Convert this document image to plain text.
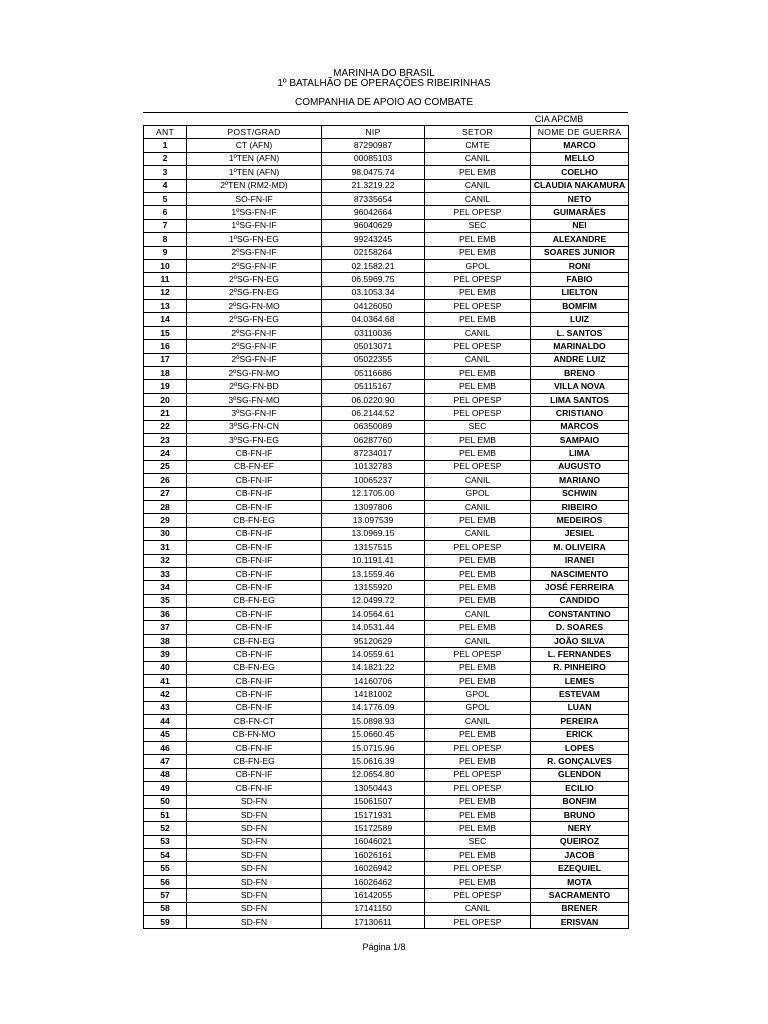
MARINHA DO BRASIL
1º BATALHÃO DE OPERAÇÕES RIBEIRINHAS
COMPANHIA DE APOIO AO COMBATE
CIA APCMB
ANT	POST/GRAD	NIP	SETOR	NOME DE GUERRA
1	CT (AFN)	87290987	CMTE	MARCO
2	1ºTEN (AFN)	00085103	CANIL	MELLO
3	1ºTEN (AFN)	98.0475.74	PEL EMB	COELHO
4	2ºTEN (RM2-MD)	21.3219.22	CANIL	CLAUDIA NAKAMURA
5	SO-FN-IF	87335654	CANIL	NETO
6	1ºSG-FN-IF	96042664	PEL OPESP	GUIMARÃES
7	1ºSG-FN-IF	96040629	SEC	NEI
8	1ºSG-FN-EG	99243245	PEL EMB	ALEXANDRE
9	2ºSG-FN-IF	02158264	PEL EMB	SOARES JUNIOR
10	2ºSG-FN-IF	02.1582.21	GPOL	RONI
11	2ºSG-FN-EG	06.5969.75	PEL OPESP	FABIO
12	2ºSG-FN-EG	03.1053.34	PEL EMB	LIELTON
13	2ºSG-FN-MO	04126050	PEL OPESP	BOMFIM
14	2ºSG-FN-EG	04.0364.68	PEL EMB	LUIZ
15	2ºSG-FN-IF	03110036	CANIL	L. SANTOS
16	2ºSG-FN-IF	05013071	PEL OPESP	MARINALDO
17	2ºSG-FN-IF	05022355	CANIL	ANDRE LUIZ
18	2ºSG-FN-MO	05116686	PEL EMB	BRENO
19	2ºSG-FN-BD	05115167	PEL EMB	VILLA NOVA
20	3ºSG-FN-MO	06.0220.90	PEL OPESP	LIMA SANTOS
21	3ºSG-FN-IF	06.2144.52	PEL OPESP	CRISTIANO
22	3ºSG-FN-CN	06350089	SEC	MARCOS
23	3ºSG-FN-EG	06287760	PEL EMB	SAMPAIO
24	CB-FN-IF	87234017	PEL EMB	LIMA
25	CB-FN-EF	10132783	PEL OPESP	AUGUSTO
26	CB-FN-IF	10065237	CANIL	MARIANO
27	CB-FN-IF	12.1705.00	GPOL	SCHWIN
28	CB-FN-IF	13097806	CANIL	RIBEIRO
29	CB-FN-EG	13.097539	PEL EMB	MEDEIROS
30	CB-FN-IF	13.0969.15	CANIL	JESIEL
31	CB-FN-IF	13157515	PEL OPESP	M. OLIVEIRA
32	CB-FN-IF	10.1191.41	PEL EMB	IRANEI
33	CB-FN-IF	13.1559.46	PEL EMB	NASCIMENTO
34	CB-FN-IF	13155920	PEL EMB	JOSÉ FERREIRA
35	CB-FN-EG	12.0499.72	PEL EMB	CANDIDO
36	CB-FN-IF	14.0564.61	CANIL	CONSTANTINO
37	CB-FN-IF	14.0531.44	PEL EMB	D. SOARES
38	CB-FN-EG	95120629	CANIL	JOÃO SILVA
39	CB-FN-IF	14.0559.61	PEL OPESP	L. FERNANDES
40	CB-FN-EG	14.1821.22	PEL EMB	R. PINHEIRO
41	CB-FN-IF	14160706	PEL EMB	LEMES
42	CB-FN-IF	14181002	GPOL	ESTEVAM
43	CB-FN-IF	14.1776.09	GPOL	LUAN
44	CB-FN-CT	15.0898.93	CANIL	PEREIRA
45	CB-FN-MO	15.0660.45	PEL EMB	ERICK
46	CB-FN-IF	15.0715.96	PEL OPESP	LOPES
47	CB-FN-EG	15.0616.39	PEL EMB	R. GONÇALVES
48	CB-FN-IF	12.0654.80	PEL OPESP	GLENDON
49	CB-FN-IF	13050443	PEL OPESP	ECILIO
50	SD-FN	15061507	PEL EMB	BONFIM
51	SD-FN	15171931	PEL EMB	BRUNO
52	SD-FN	15172589	PEL EMB	NERY
53	SD-FN	16046021	SEC	QUEIROZ
54	SD-FN	16026161	PEL EMB	JACOB
55	SD-FN	16026942	PEL OPESP	EZEQUIEL
56	SD-FN	16026462	PEL EMB	MOTA
57	SD-FN	16142055	PEL OPESP	SACRAMENTO
58	SD-FN	17141150	CANIL	BRENER
59	SD-FN	17130611	PEL OPESP	ERISVAN
Página 1/8
